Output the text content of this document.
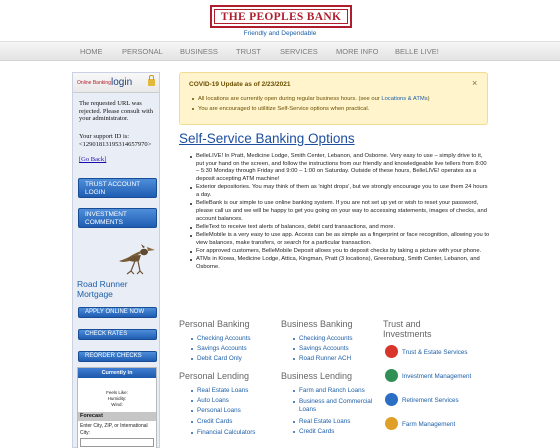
THE PEOPLES BANK
Friendly and Dependable
HOME	PERSONAL BUSINESS TRUST	SERVICES MORE INFO BELLE LIVE!
Online Banking login
The requested URL was rejected. Please consult with your administrator.
Your support ID is: <12901813195314657970>
[Go Back]
TRUST ACCOUNT LOGIN
INVESTMENT COMMENTS
Road Runner Mortgage
APPLY ONLINE NOW
CHECK RATES
REORDER CHECKS
Currently in
Feels Like:
Humidity:
Wind:
Forecast
Enter City, ZIP, or International City:
COVID-19 Update as of 2/23/2021	×
All locations are currently open during regular business hours. (see our Locations & ATMs)
You are encouraged to utilitize Self-Service options when practical.
Self-Service Banking Options
BelleLIVE! In Pratt, Medicine Lodge, Smith Center, Lebanon, and Osborne. Very easy to use – simply drive to it, put your hand on the screen, and follow the instructions from our friendly and knowledgeable live tellers from 8:00 – 5:30 Monday through Friday and 9:00 – 1:00 on Saturday. Outside of these hours, BelleLIVE! operates as a deposit accepting ATM machine!
Exterior depositories. You may think of them as 'night drops', but we strongly encourage you to use them 24 hours a day.
BelleBank is our simple to use online banking system. If you are not set up yet or wish to reset your password, please call us and we will be happy to get you going on your way to accessing statements, images of checks, and account balances.
BelleText to receive text alerts of balances, debit card transactions, and more.
BelleMobile is a very easy to use app. Access can be as simple as a fingerprint or face recognition, allowing you to view balances, make transfers, or search for a particular transaction.
For approved customers, BelleMobile Deposit allows you to deposit checks by taking a picture with your phone.
ATMs in Kiowa, Medicine Lodge, Attica, Kingman, Pratt (3 locations), Greensburg, Smith Center, Lebanon, and Osborne.
Personal Banking
Checking Accounts
Savings Accounts
Debit Card Only
Business Banking
Checking Accounts
Savings Accounts
Road Runner ACH
Trust and Investments
Trust & Estate Services
Investment Management
Retirement Services
Farm Management
Personal Lending
Real Estate Loans
Auto Loans
Personal Loans
Credit Cards
Financial Calculators
Business Lending
Farm and Ranch Loans
Business and Commercial Loans
Real Estate Loans
Credit Cards
